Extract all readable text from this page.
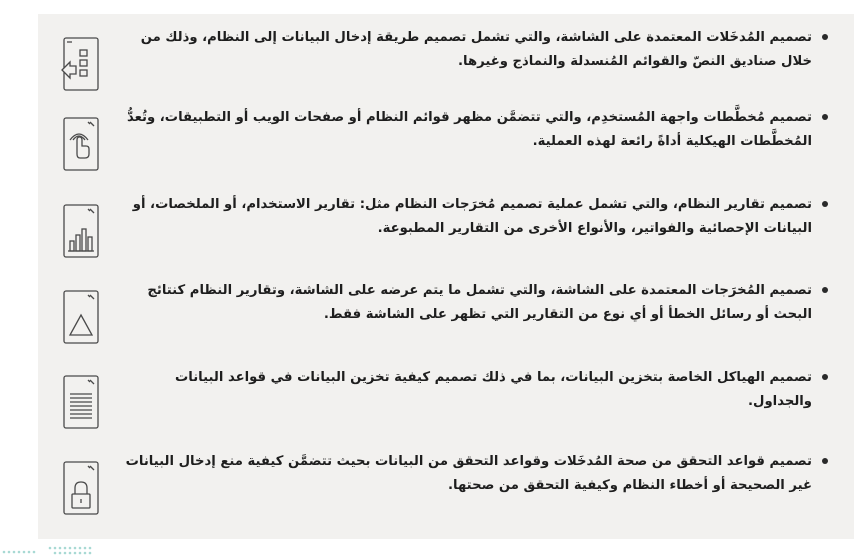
تصميم المُدخَلات المعتمدة على الشاشة، والتي تشمل تصميم طريقة إدخال البيانات إلى النظام، وذلك من خلال صناديق النصّ والقوائم المُنسدلة والنماذج وغيرها.
تصميم مُخطَّطات واجهة المُستخدِم، والتي تتضمَّن مظهر قوائم النظام أو صفحات الويب أو التطبيقات، وتُعدُّ المُخطَّطات الهيكلية أداةً رائعة لهذه العملية.
تصميم تقارير النظام، والتي تشمل عملية تصميم مُخرَجات النظام مثل: تقارير الاستخدام، أو الملخصات، أو البيانات الإحصائية والفواتير، والأنواع الأخرى من التقارير المطبوعة.
تصميم المُخرَجات المعتمدة على الشاشة، والتي تشمل ما يتم عرضه على الشاشة، وتقارير النظام كنتائج البحث أو رسائل الخطأ أو أي نوع من التقارير التي تظهر على الشاشة فقط.
تصميم الهياكل الخاصة بتخزين البيانات، بما في ذلك تصميم كيفية تخزين البيانات في قواعد البيانات والجداول.
تصميم قواعد التحقق من صحة المُدخَلات وقواعد التحقق من البيانات بحيث تتضمَّن كيفية منع إدخال البيانات غير الصحيحة أو أخطاء النظام وكيفية التحقق من صحتها.
